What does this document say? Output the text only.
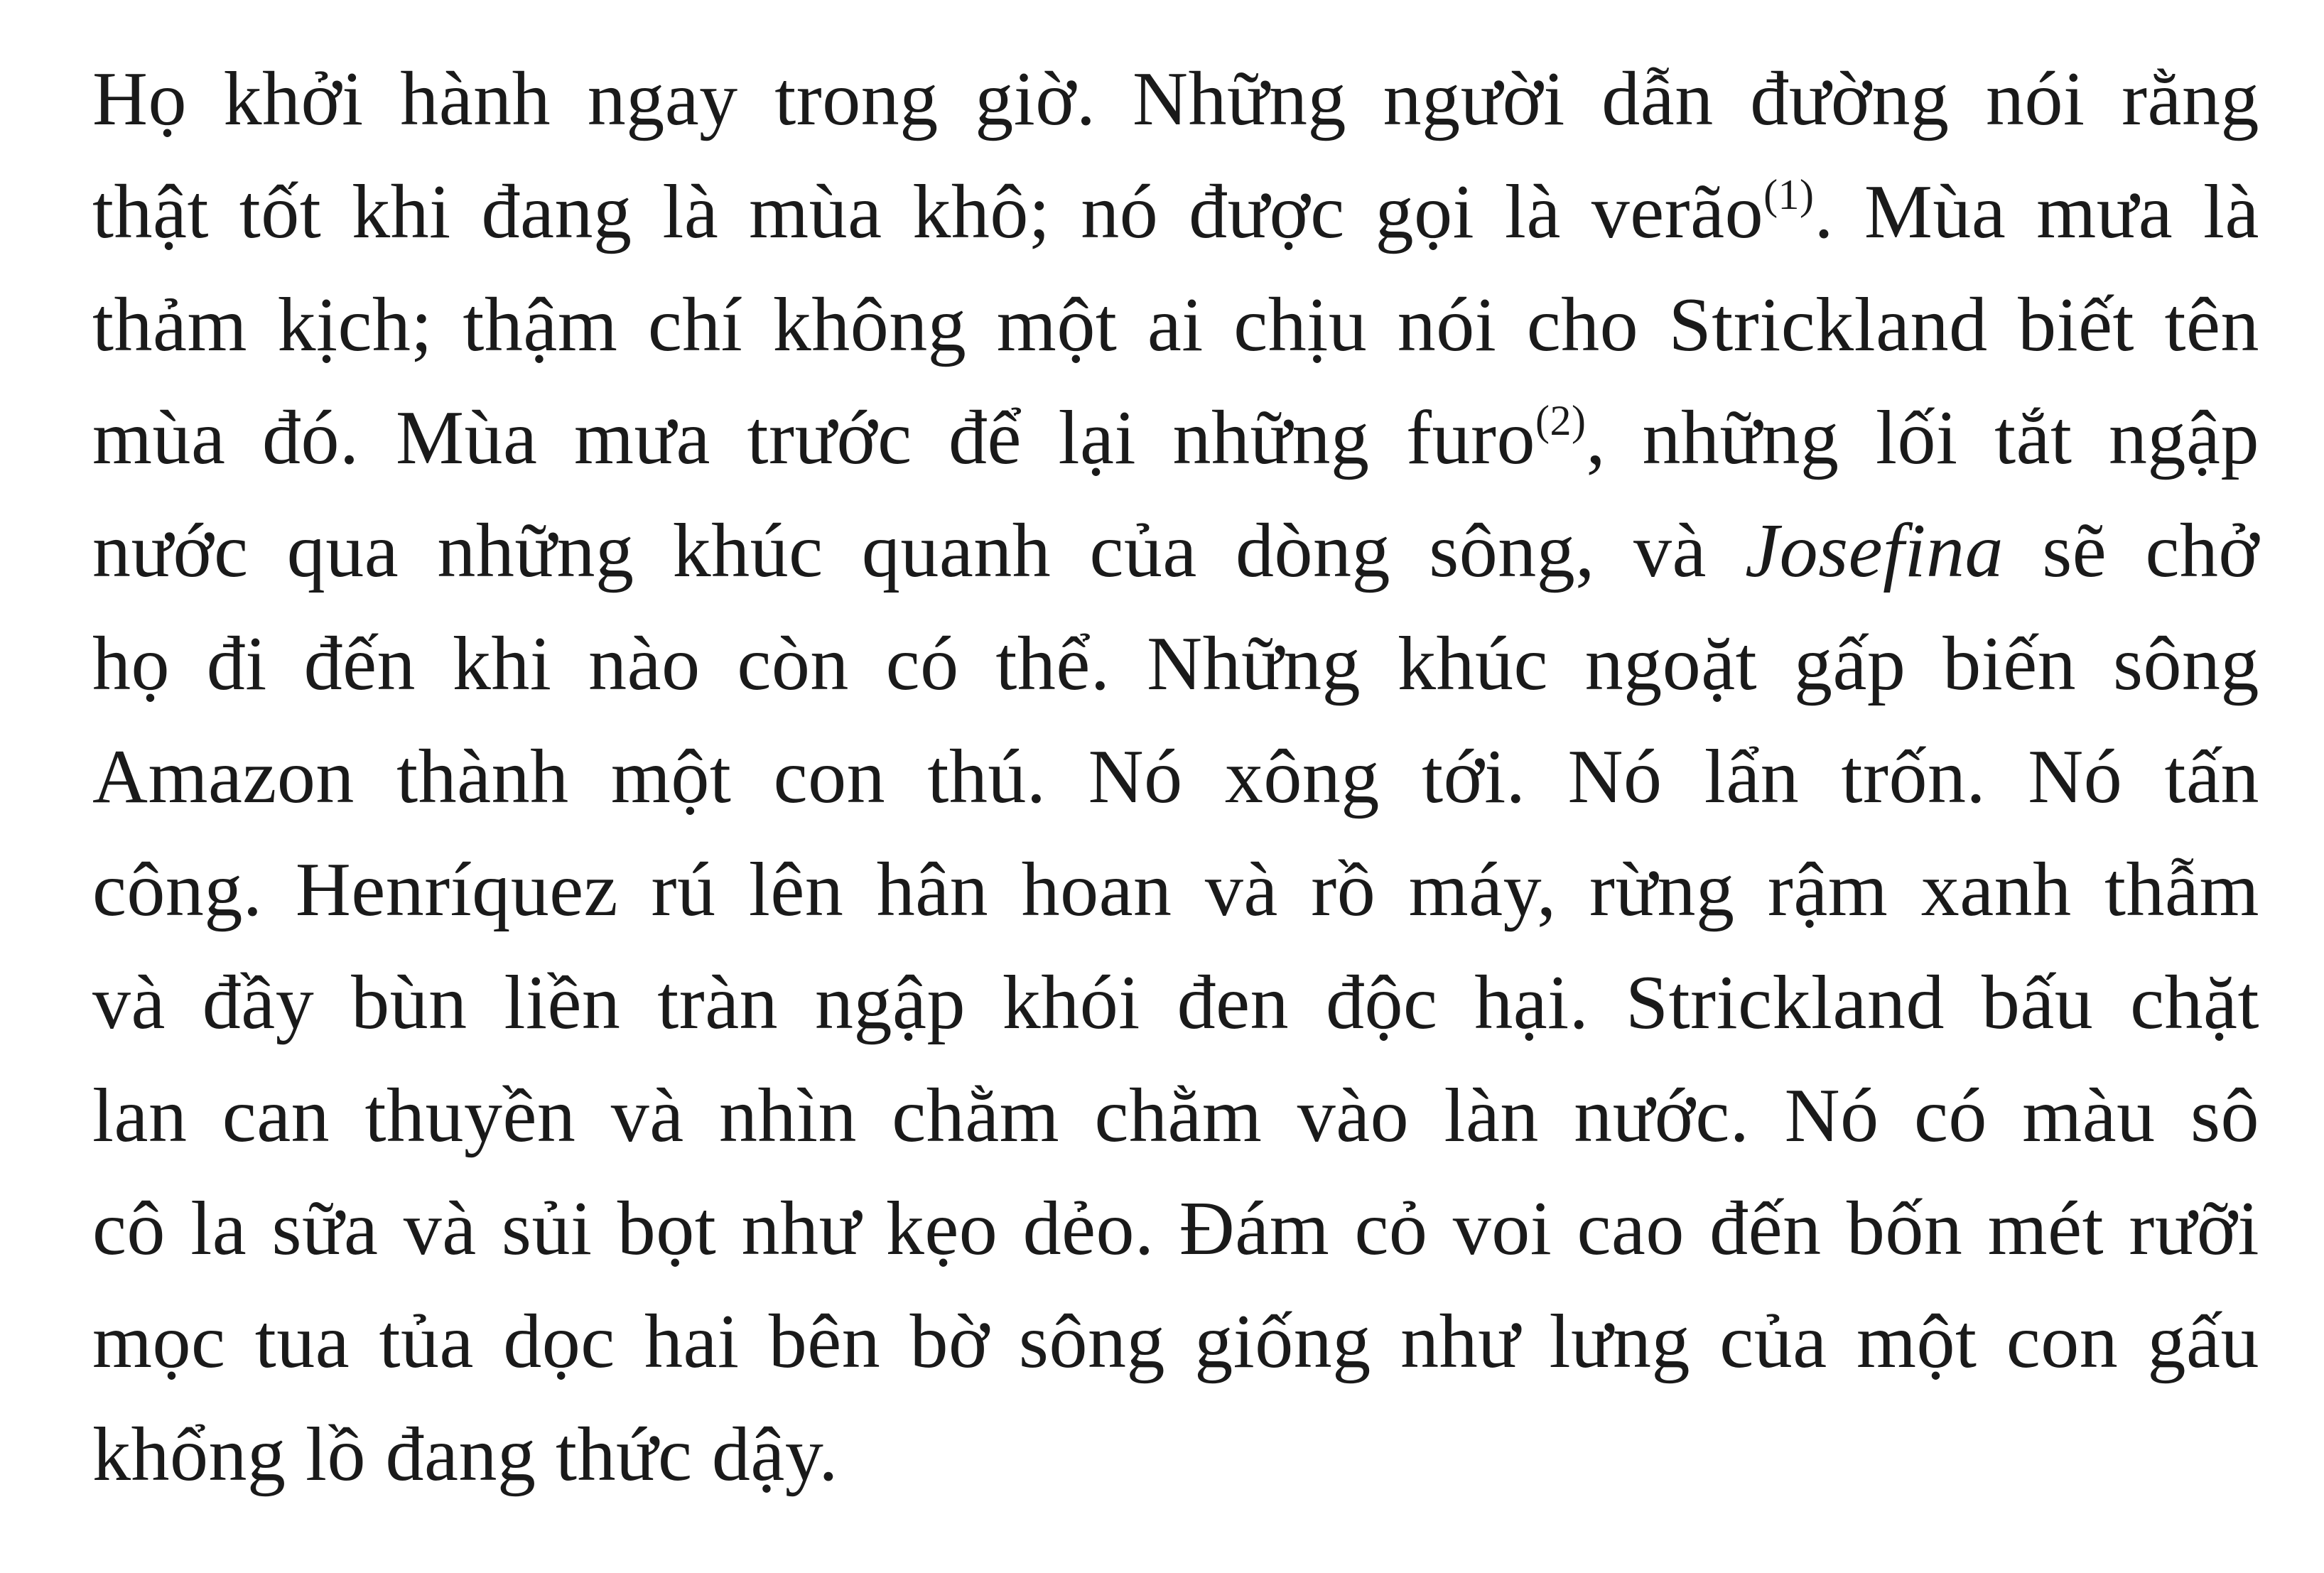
Họ khởi hành ngay trong giờ. Những người dẫn đường nói rằng
thật tốt khi đang là mùa khô; nó được gọi là verão$^{(1)}$. Mùa mưa là
thảm kịch; thậm chí không một ai chịu nói cho Strickland biết tên
mùa đó. Mùa mưa trước để lại những furo$^{(2)}$, những lối tắt ngập
nước qua những khúc quanh của dòng sông, và Josefina sẽ chở
họ đi đến khi nào còn có thể. Những khúc ngoặt gấp biến sông
Amazon thành một con thú. Nó xông tới. Nó lẩn trốn. Nó tấn
công. Henríquez rú lên hân hoan và rồ máy, rừng rậm xanh thẫm
và đầy bùn liền tràn ngập khói đen độc hại. Strickland bấu chặt
lan can thuyền và nhìn chằm chằm vào làn nước. Nó có màu sô
cô la sữa và sủi bọt như kẹo dẻo. Đám cỏ voi cao đến bốn mét rưỡi
mọc tua tủa dọc hai bên bờ sông giống như lưng của một con gấu
khổng lồ đang thức dậy.
